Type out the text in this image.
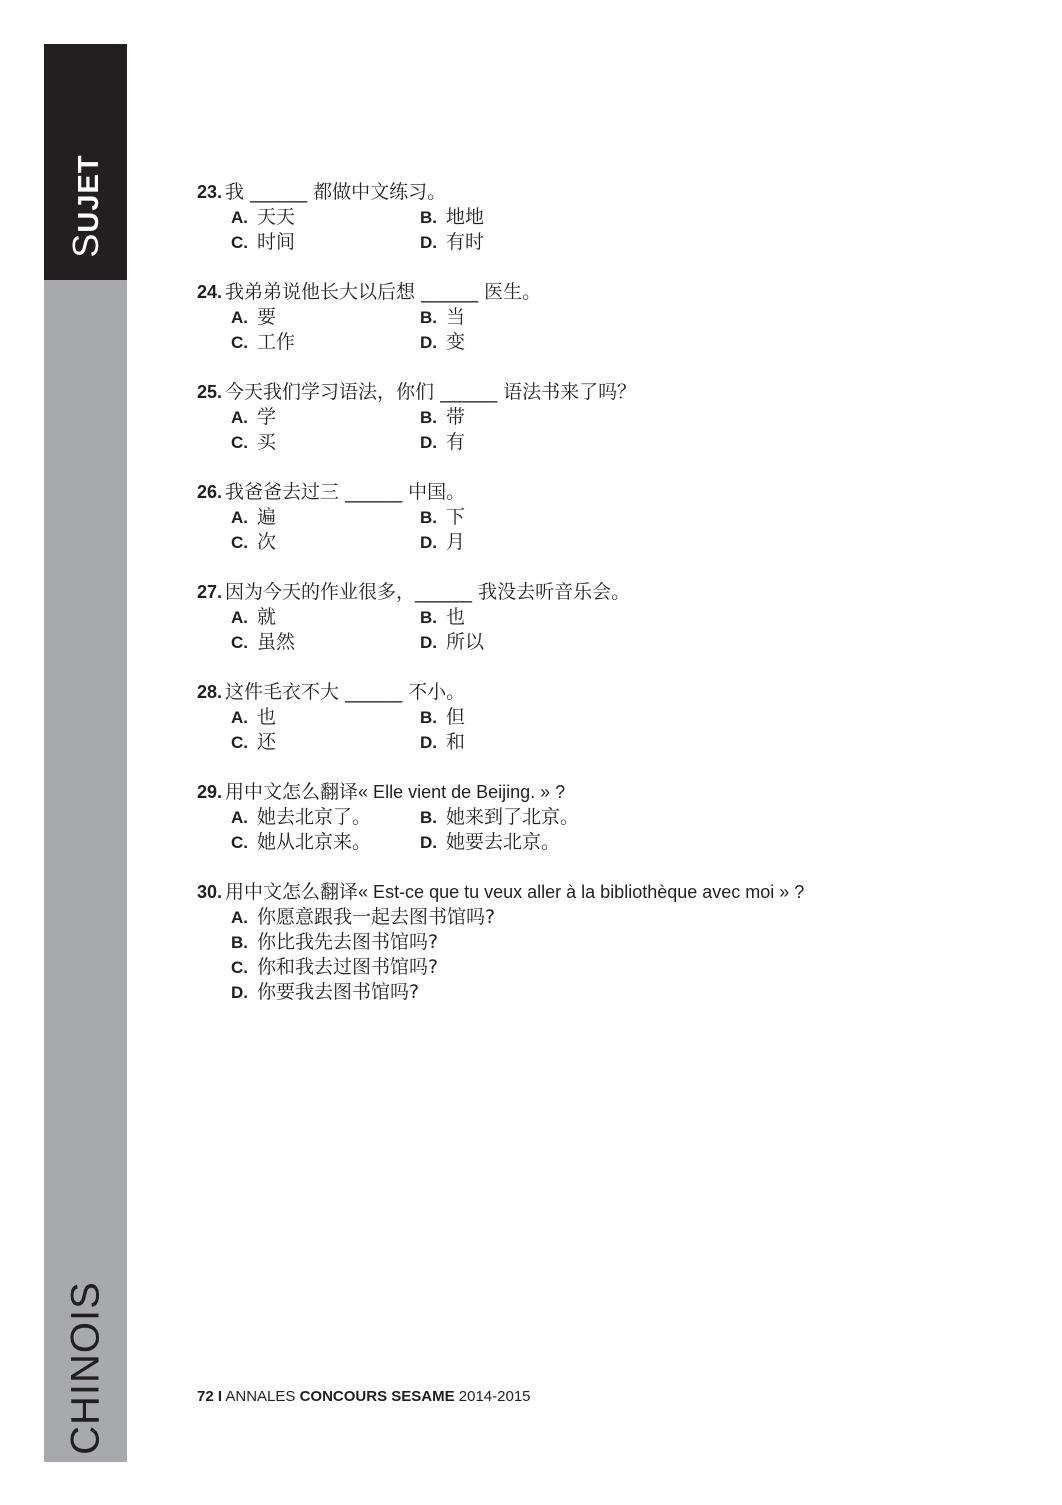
SUJET
CHINOIS
23. 我 ______ 都做中文练习。
A. 天天	B. 地地
C. 时间	D. 有时
24. 我弟弟说他长大以后想 ______ 医生。
A. 要	B. 当
C. 工作	D. 变
25. 今天我们学习语法，你们 ______ 语法书来了吗？
A. 学	B. 带
C. 买	D. 有
26. 我爸爸去过三 ______ 中国。
A. 遍	B. 下
C. 次	D. 月
27. 因为今天的作业很多，______ 我没去听音乐会。
A. 就	B. 也
C. 虽然	D. 所以
28. 这件毛衣不大 ______ 不小。
A. 也	B. 但
C. 还	D. 和
29. 用中文怎么翻译« Elle vient de Beijing. » ?
A. 她去北京了。	B. 她来到了北京。
C. 她从北京来。	D. 她要去北京。
30. 用中文怎么翻译« Est-ce que tu veux aller à la bibliothèque avec moi » ?
A. 你愿意跟我一起去图书馆吗?
B. 你比我先去图书馆吗?
C. 你和我去过图书馆吗?
D. 你要我去图书馆吗?
72 I ANNALES CONCOURS SESAME 2014-2015
